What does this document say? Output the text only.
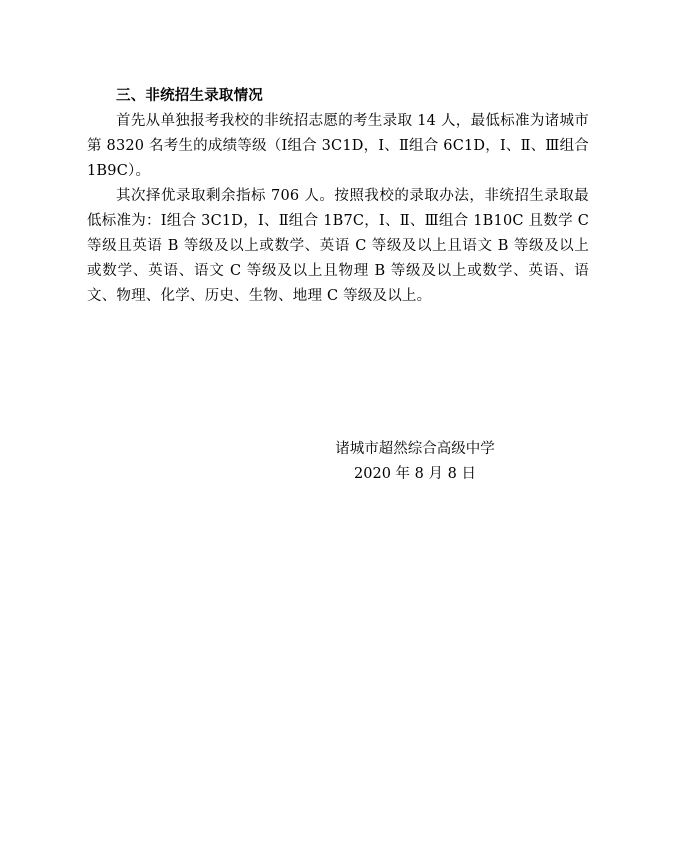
三、非统招生录取情况

首先从单独报考我校的非统招志愿的考生录取 14 人，最低标准为诸城市第 8320 名考生的成绩等级（Ⅰ组合 3C1D，Ⅰ、Ⅱ组合 6C1D，Ⅰ、Ⅱ、Ⅲ组合 1B9C）。

其次择优录取剩余指标 706 人。按照我校的录取办法，非统招生录取最低标准为：Ⅰ组合 3C1D，Ⅰ、Ⅱ组合 1B7C，Ⅰ、Ⅱ、Ⅲ组合 1B10C 且数学 C 等级且英语 B 等级及以上或数学、英语 C 等级及以上且语文 B 等级及以上或数学、英语、语文 C 等级及以上且物理 B 等级及以上或数学、英语、语文、物理、化学、历史、生物、地理 C 等级及以上。

诸城市超然综合高级中学
2020 年 8 月 8 日
